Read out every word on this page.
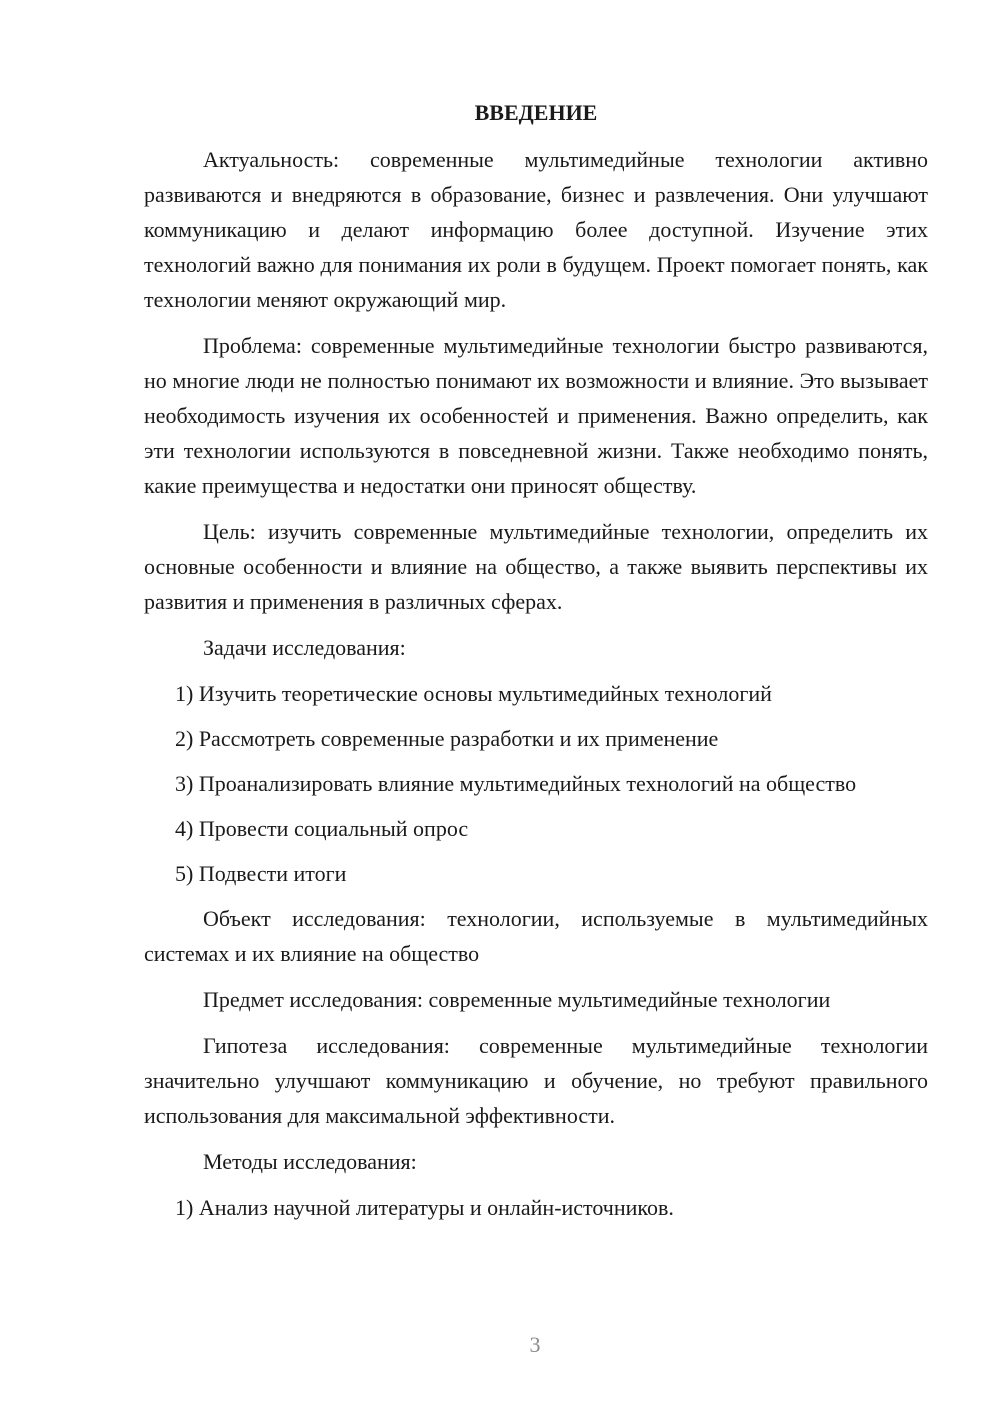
ВВЕДЕНИЕ

Актуальность: современные мультимедийные технологии активно развиваются и внедряются в образование, бизнес и развлечения. Они улучшают коммуникацию и делают информацию более доступной. Изучение этих технологий важно для понимания их роли в будущем. Проект помогает понять, как технологии меняют окружающий мир.

Проблема: современные мультимедийные технологии быстро развиваются, но многие люди не полностью понимают их возможности и влияние. Это вызывает необходимость изучения их особенностей и применения. Важно определить, как эти технологии используются в повседневной жизни. Также необходимо понять, какие преимущества и недостатки они приносят обществу.

Цель: изучить современные мультимедийные технологии, определить их основные особенности и влияние на общество, а также выявить перспективы их развития и применения в различных сферах.

Задачи исследования:

1) Изучить теоретические основы мультимедийных технологий

2) Рассмотреть современные разработки и их применение

3) Проанализировать влияние мультимедийных технологий на общество

4) Провести социальный опрос

5) Подвести итоги

Объект исследования: технологии, используемые в мультимедийных системах и их влияние на общество

Предмет исследования: современные мультимедийные технологии

Гипотеза исследования: современные мультимедийные технологии значительно улучшают коммуникацию и обучение, но требуют правильного использования для максимальной эффективности.

Методы исследования:

1) Анализ научной литературы и онлайн-источников.

3
